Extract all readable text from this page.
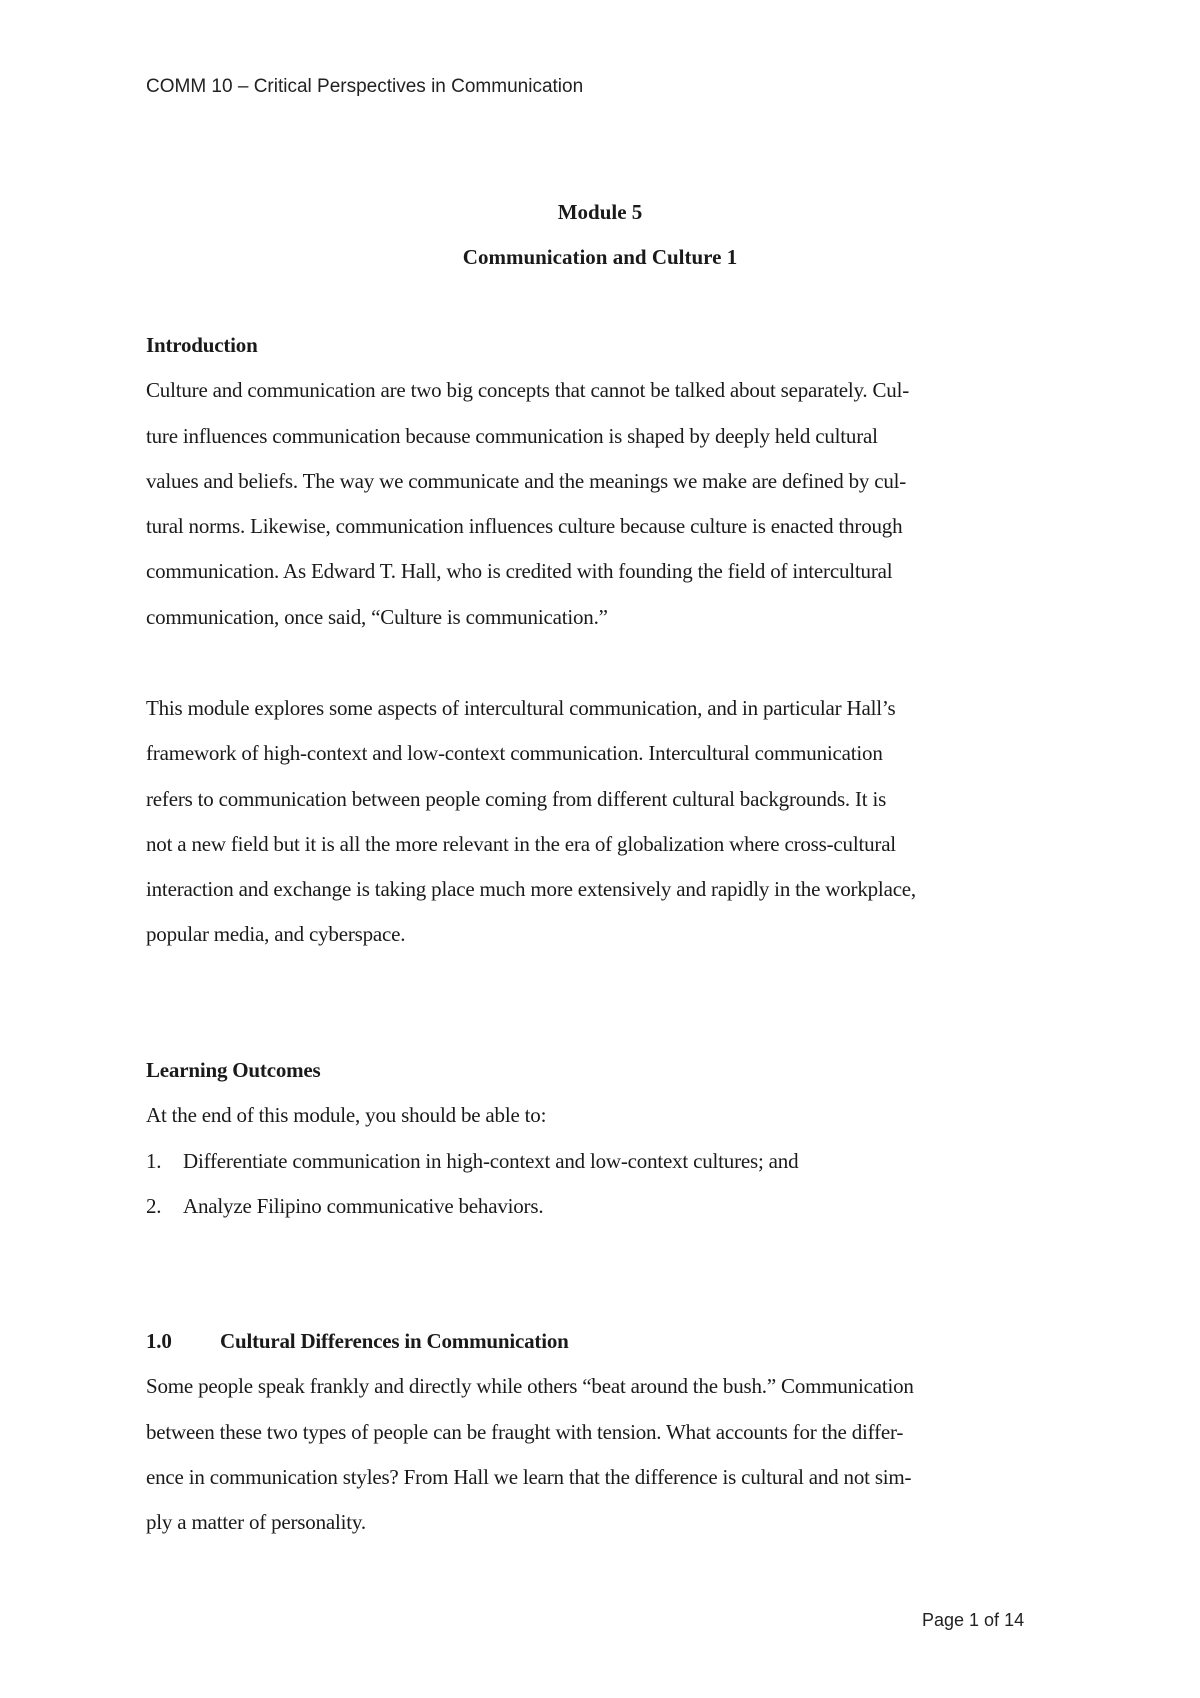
COMM 10 – Critical Perspectives in Communication
Module 5
Communication and Culture 1
Introduction
Culture and communication are two big concepts that cannot be talked about separately. Cul-
ture influences communication because communication is shaped by deeply held cultural
values and beliefs. The way we communicate and the meanings we make are defined by cul-
tural norms. Likewise, communication influences culture because culture is enacted through
communication. As Edward T. Hall, who is credited with founding the field of intercultural
communication, once said, “Culture is communication.”
This module explores some aspects of intercultural communication, and in particular Hall’s
framework of high-context and low-context communication. Intercultural communication
refers to communication between people coming from different cultural backgrounds. It is
not a new field but it is all the more relevant in the era of globalization where cross-cultural
interaction and exchange is taking place much more extensively and rapidly in the workplace,
popular media, and cyberspace.
Learning Outcomes
At the end of this module, you should be able to:
1.	Differentiate communication in high-context and low-context cultures; and
2.	Analyze Filipino communicative behaviors.
1.0	Cultural Differences in Communication
Some people speak frankly and directly while others “beat around the bush.” Communication
between these two types of people can be fraught with tension. What accounts for the differ-
ence in communication styles? From Hall we learn that the difference is cultural and not sim-
ply a matter of personality.
Page 1 of 14
